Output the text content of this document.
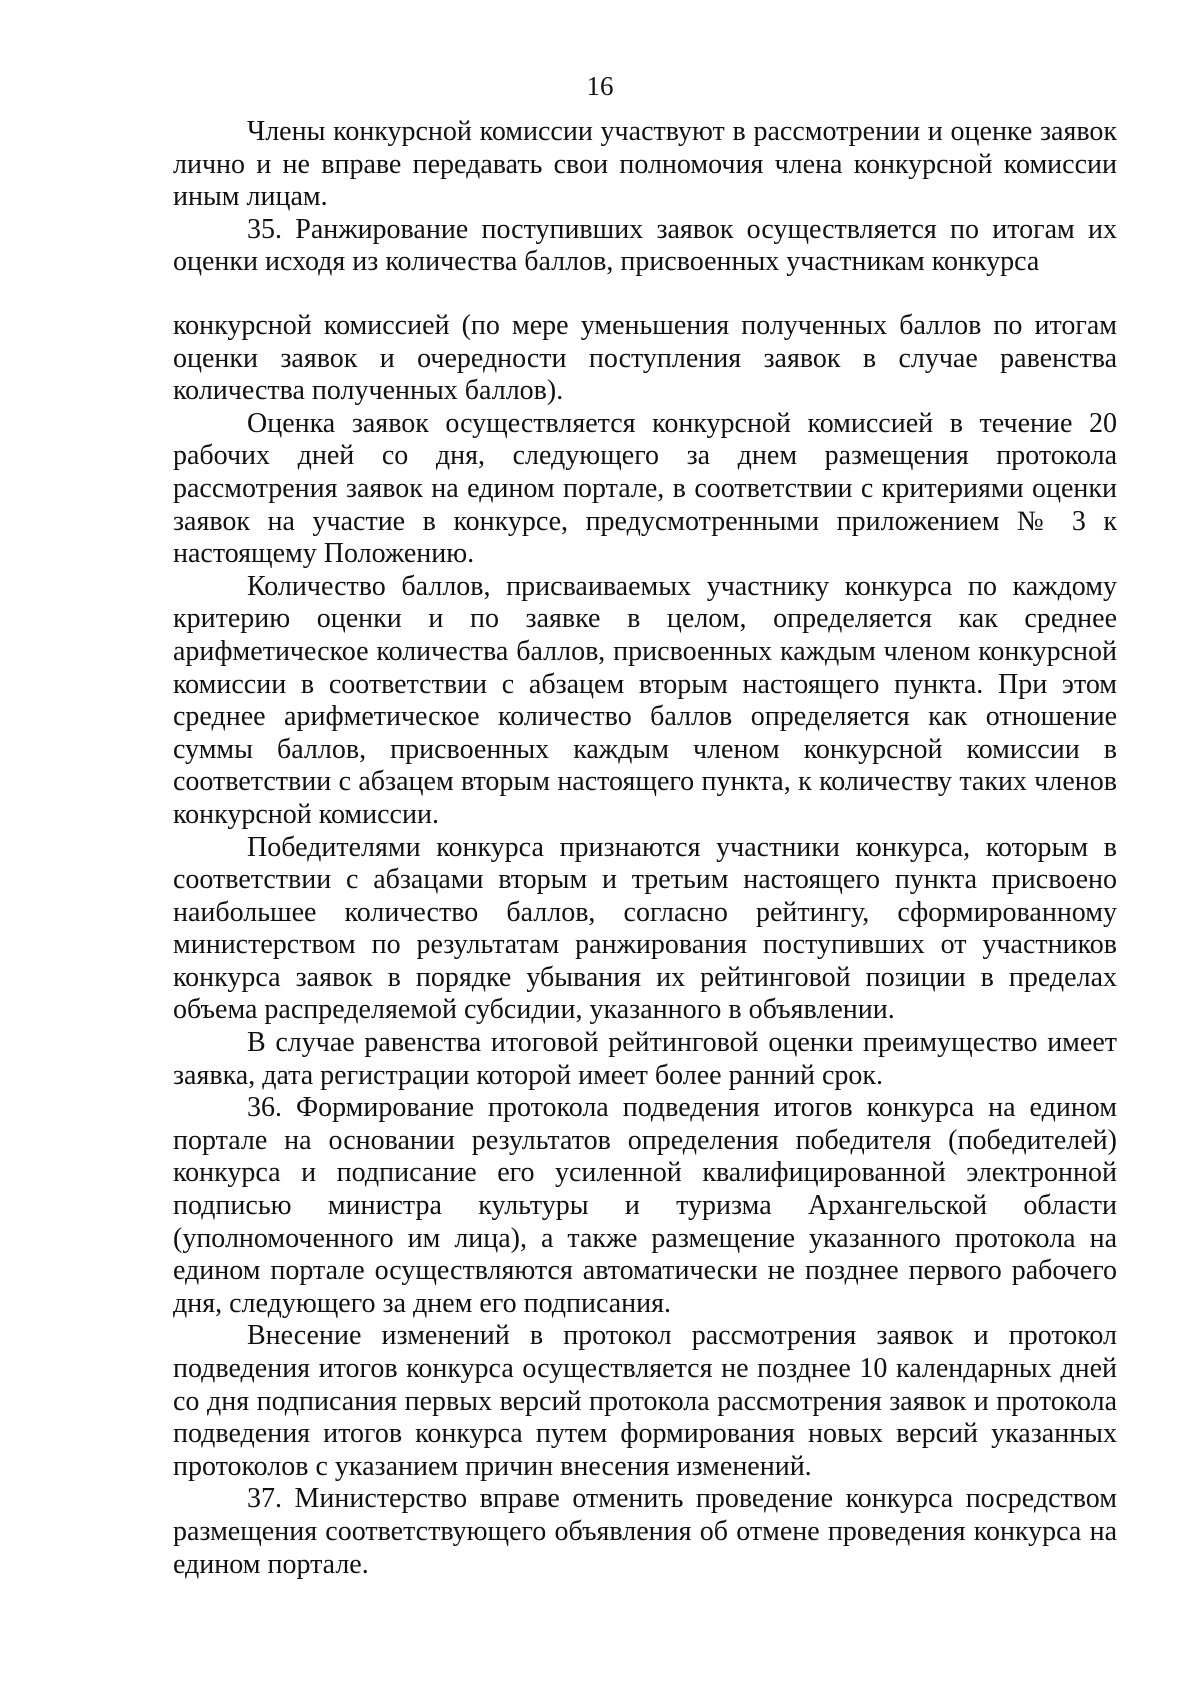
16

Члены конкурсной комиссии участвуют в рассмотрении и оценке заявок лично и не вправе передавать свои полномочия члена конкурсной комиссии иным лицам.

35. Ранжирование поступивших заявок осуществляется по итогам их оценки исходя из количества баллов, присвоенных участникам конкурса

конкурсной комиссией (по мере уменьшения полученных баллов по итогам оценки заявок и очередности поступления заявок в случае равенства количества полученных баллов).

Оценка заявок осуществляется конкурсной комиссией в течение 20 рабочих дней со дня, следующего за днем размещения протокола рассмотрения заявок на едином портале, в соответствии с критериями оценки заявок на участие в конкурсе, предусмотренными приложением № 3 к настоящему Положению.

Количество баллов, присваиваемых участнику конкурса по каждому критерию оценки и по заявке в целом, определяется как среднее арифметическое количества баллов, присвоенных каждым членом конкурсной комиссии в соответствии с абзацем вторым настоящего пункта. При этом среднее арифметическое количество баллов определяется как отношение суммы баллов, присвоенных каждым членом конкурсной комиссии в соответствии с абзацем вторым настоящего пункта, к количеству таких членов конкурсной комиссии.

Победителями конкурса признаются участники конкурса, которым в соответствии с абзацами вторым и третьим настоящего пункта присвоено наибольшее количество баллов, согласно рейтингу, сформированному министерством по результатам ранжирования поступивших от участников конкурса заявок в порядке убывания их рейтинговой позиции в пределах объема распределяемой субсидии, указанного в объявлении.

В случае равенства итоговой рейтинговой оценки преимущество имеет заявка, дата регистрации которой имеет более ранний срок.

36. Формирование протокола подведения итогов конкурса на едином портале на основании результатов определения победителя (победителей) конкурса и подписание его усиленной квалифицированной электронной подписью министра культуры и туризма Архангельской области (уполномоченного им лица), а также размещение указанного протокола на едином портале осуществляются автоматически не позднее первого рабочего дня, следующего за днем его подписания.

Внесение изменений в протокол рассмотрения заявок и протокол подведения итогов конкурса осуществляется не позднее 10 календарных дней со дня подписания первых версий протокола рассмотрения заявок и протокола подведения итогов конкурса путем формирования новых версий указанных протоколов с указанием причин внесения изменений.

37. Министерство вправе отменить проведение конкурса посредством размещения соответствующего объявления об отмене проведения конкурса на едином портале.
